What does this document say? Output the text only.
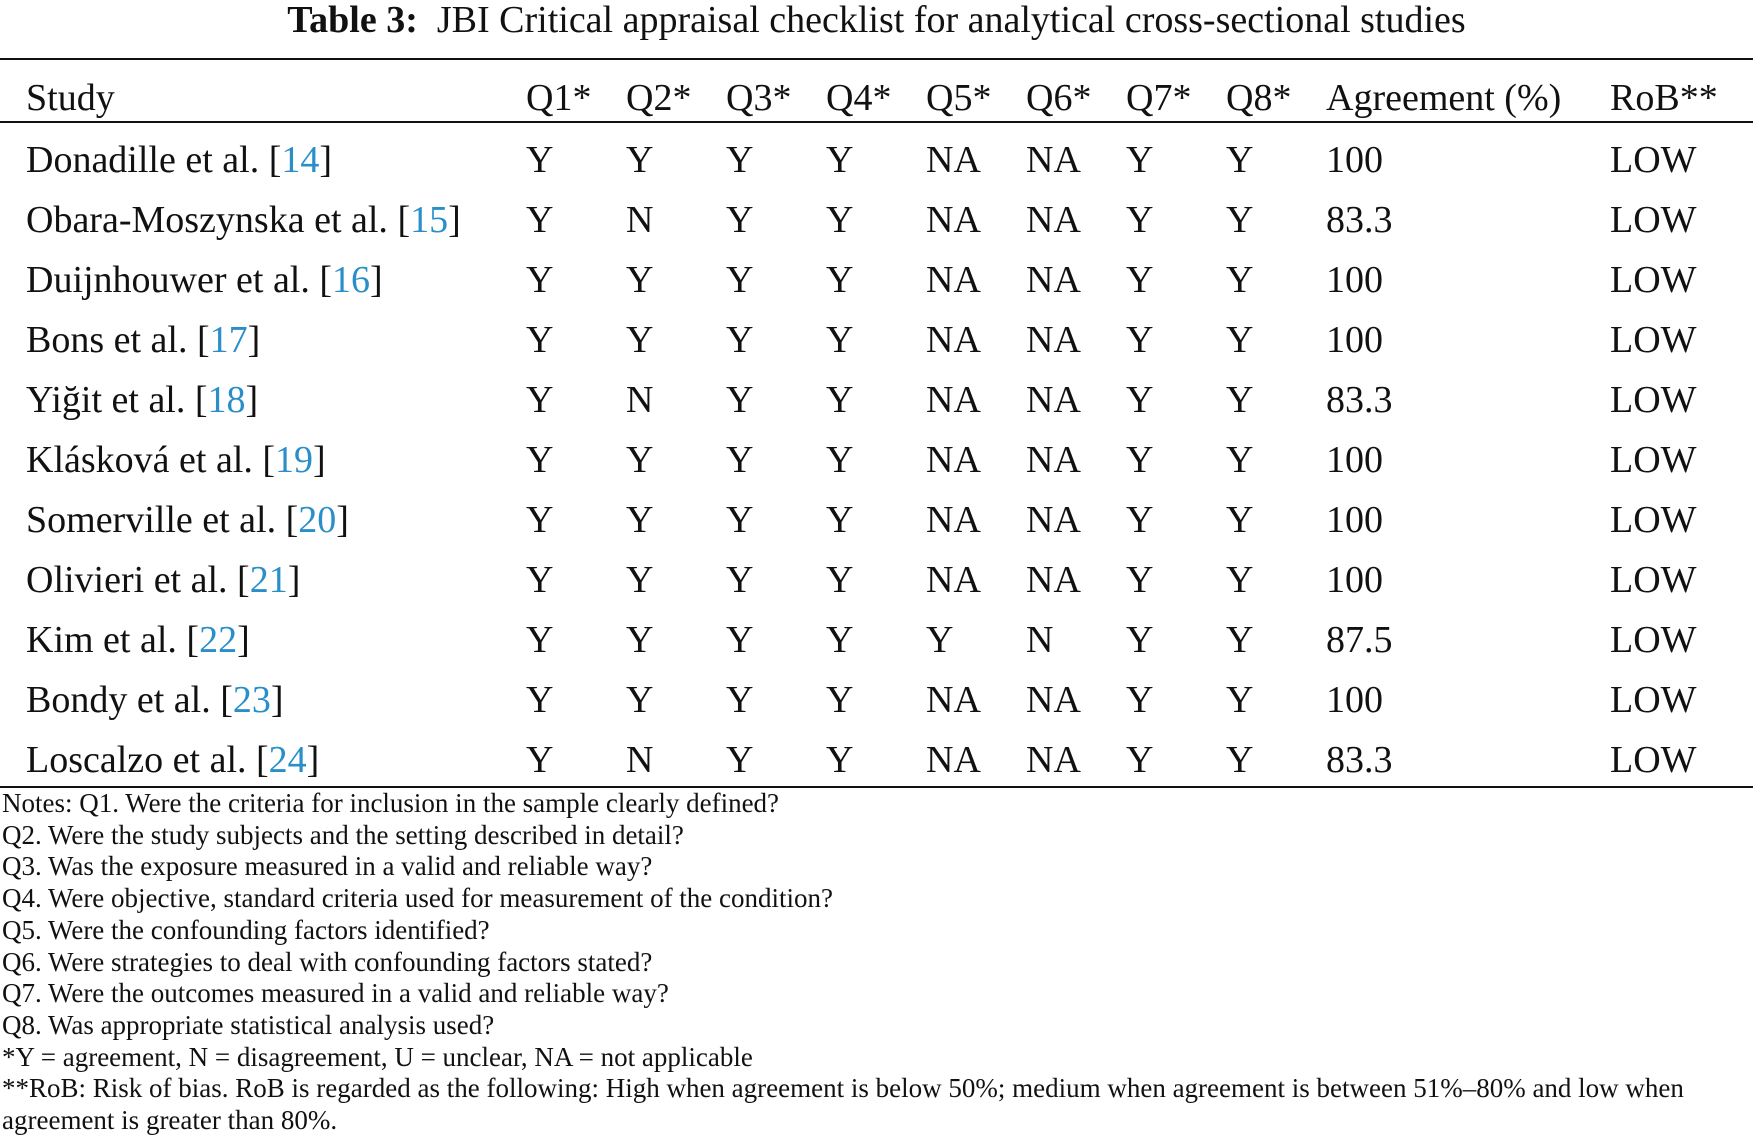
Table 3: JBI Critical appraisal checklist for analytical cross-sectional studies
Study	Q1*	Q2*	Q3*	Q4*	Q5*	Q6*	Q7*	Q8*	Agreement (%)	RoB**
Donadille et al. [14]	Y	Y	Y	Y	NA	NA	Y	Y	100	LOW
Obara-Moszynska et al. [15]	Y	N	Y	Y	NA	NA	Y	Y	83.3	LOW
Duijnhouwer et al. [16]	Y	Y	Y	Y	NA	NA	Y	Y	100	LOW
Bons et al. [17]	Y	Y	Y	Y	NA	NA	Y	Y	100	LOW
Yiğit et al. [18]	Y	N	Y	Y	NA	NA	Y	Y	83.3	LOW
Klásková et al. [19]	Y	Y	Y	Y	NA	NA	Y	Y	100	LOW
Somerville et al. [20]	Y	Y	Y	Y	NA	NA	Y	Y	100	LOW
Olivieri et al. [21]	Y	Y	Y	Y	NA	NA	Y	Y	100	LOW
Kim et al. [22]	Y	Y	Y	Y	Y	N	Y	Y	87.5	LOW
Bondy et al. [23]	Y	Y	Y	Y	NA	NA	Y	Y	100	LOW
Loscalzo et al. [24]	Y	N	Y	Y	NA	NA	Y	Y	83.3	LOW

Notes: Q1. Were the criteria for inclusion in the sample clearly defined?

Q2. Were the study subjects and the setting described in detail?

Q3. Was the exposure measured in a valid and reliable way?

Q4. Were objective, standard criteria used for measurement of the condition?

Q5. Were the confounding factors identified?

Q6. Were strategies to deal with confounding factors stated?

Q7. Were the outcomes measured in a valid and reliable way?

Q8. Was appropriate statistical analysis used?

*Y = agreement, N = disagreement, U = unclear, NA = not applicable

**RoB: Risk of bias. RoB is regarded as the following: High when agreement is below 50%; medium when agreement is between 51%–80% and low when agreement is greater than 80%.
